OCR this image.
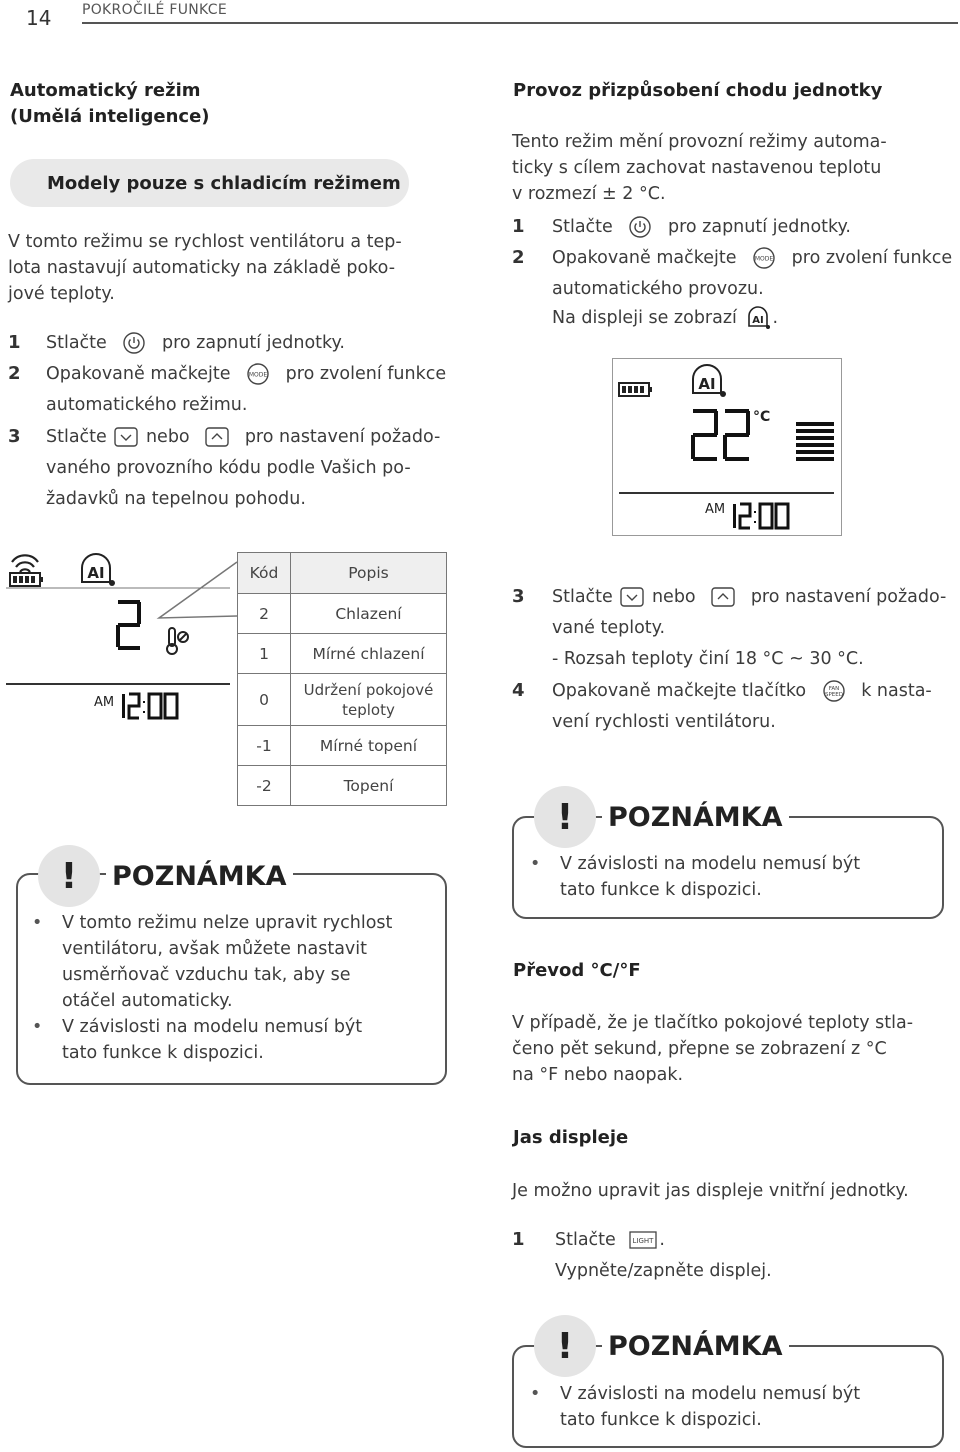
14 POKROČILÉ FUNKCE
Automatický režim
(Umělá inteligence)
Modely pouze s chladicím režimem
V tomto režimu se rychlost ventilátoru a tep-
lota nastavují automaticky na základě poko-
jové teploty.
1 Stlačte	pro zapnutí jednotky.
2 Opakovaně mačkejte	MODE pro zvolení funkce
automatického režimu.
3 Stlačte nebo	pro nastavení požado-
vaného provozního kódu podle Vašich po-
žadavků na tepelnou pohodu.
AI
AM
Kód	Popis
2	Chlazení
1	Mírné chlazení
0	Udržení pokojové teploty
-1	Mírné topení
-2	Topení
!	POZNÁMKA
• V tomto režimu nelze upravit rychlost
ventilátoru, avšak můžete nastavit
usměrňovač vzduchu tak, aby se
otáčel automaticky.
• V závislosti na modelu nemusí být
tato funkce k dispozici.
Provoz přizpůsobení chodu jednotky
Tento režim mění provozní režimy automa-
ticky s cílem zachovat nastavenou teplotu
v rozmezí ± 2 °C.
1 Stlačte	pro zapnutí jednotky.
2 Opakovaně mačkejte	MODE pro zvolení funkce
automatického provozu.
Na displeji se zobrazí AI .
AI
°C
AM
3 Stlačte nebo	pro nastavení požado-
vané teploty.
- Rozsah teploty činí 18 °C ~ 30 °C.
4 Opakovaně mačkejte tlačítko	FAN
SPEED k nasta-
vení rychlosti ventilátoru.
!	POZNÁMKA
• V závislosti na modelu nemusí být
tato funkce k dispozici.
Převod °C/°F
V případě, že je tlačítko pokojové teploty stla-
čeno pět sekund, přepne se zobrazení z °C
na °F nebo naopak.
Jas displeje
Je možno upravit jas displeje vnitřní jednotky.
1 Stlačte LIGHT .
Vypněte/zapněte displej.
!	POZNÁMKA
• V závislosti na modelu nemusí být
tato funkce k dispozici.
